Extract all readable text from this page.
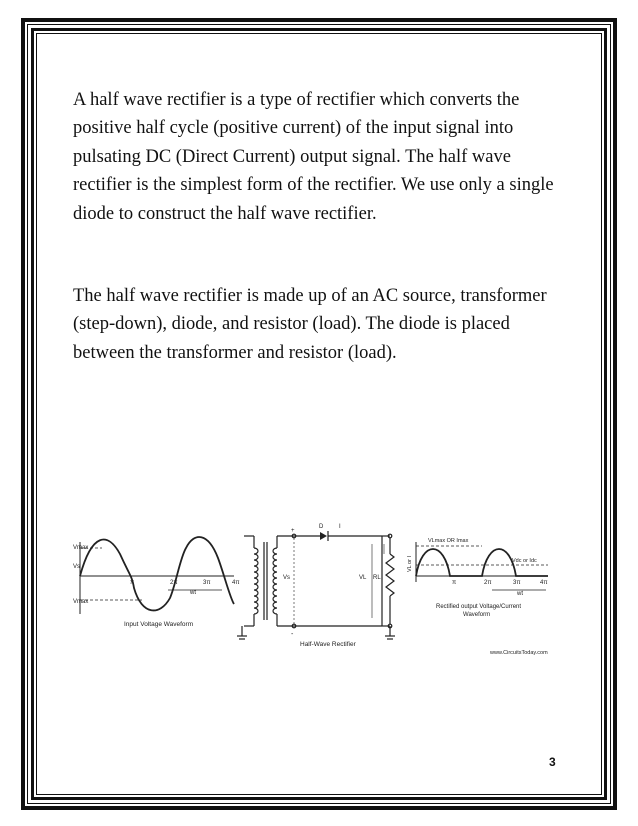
A half wave rectifier is a type of rectifier which converts the positive half cycle (positive current) of the input signal into pulsating DC (Direct Current) output signal. The half wave rectifier is the simplest form of the rectifier. We use only a single diode to construct the half wave rectifier.

The half wave rectifier is made up of an AC source, transformer (step-down), diode, and resistor (load). The diode is placed between the transformer and resistor (load).

Vmax
Vs
Vmax
π	2π	3π	4π
wt
Input Voltage Waveform
D	I
Vs	VL RL
+
-
Half-Wave Rectifier
VLmax OR Imax
Vdc or Idc
VL or I
π	2π	3π	4π
wt
Rectified output Voltage/Current
Waveform
www.CircuitsToday.com
3
